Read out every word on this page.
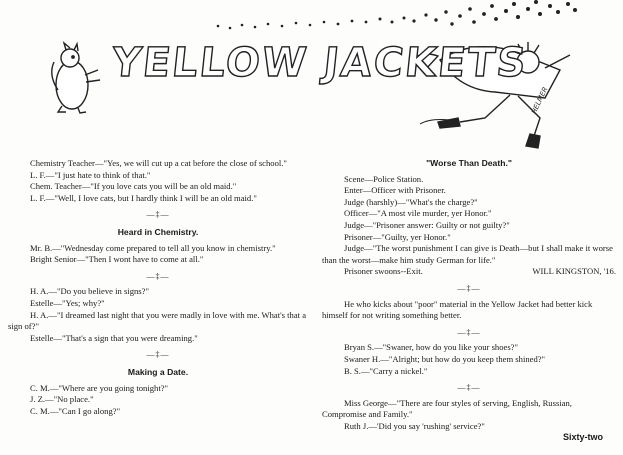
YELLOW JACKETS
HELMER

Chemistry Teacher—"Yes, we will cut up a cat before the close of school."

L. F.—"I just hate to think of that."

Chem. Teacher—"If you love cats you will be an old maid."

L. F.—"Well, I love cats, but I hardly think I will be an old maid."

—‡—
Heard in Chemistry.

Mr. B.—"Wednesday come prepared to tell all you know in chemistry."

Bright Senior—"Then I wont have to come at all."

—‡—

H. A.—"Do you believe in signs?"

Estelle—"Yes; why?"

H. A.—"I dreamed last night that you were madly in love with me. What's that a sign of?"

Estelle—"That's a sign that you were dreaming."

—‡—
Making a Date.

C. M.—"Where are you going tonight?"

J. Z.—"No place."

C. M.—"Can I go along?"

"Worse Than Death."

Scene—Police Station.

Enter—Officer with Prisoner.

Judge (harshly)—"What's the charge?"

Officer—"A most vile murder, yer Honor."

Judge—"Prisoner answer: Guilty or not guilty?"

Prisoner—"Guilty, yer Honor."

Judge—"The worst punishment I can give is Death—but I shall make it worse than the worst—make him study German for life."

Prisoner swoons--Exit.	WILL KINGSTON, '16.
—‡—

He who kicks about "poor" material in the Yellow Jacket had better kick himself for not writing something better.

—‡—

Bryan S.—"Swaner, how do you like your shoes?"

Swaner H.—"Alright; but how do you keep them shined?"

B. S.—"Carry a nickel."

—‡—

Miss George—"There are four styles of serving, English, Russian, Compromise and Family."

Ruth J.—'Did you say 'rushing' service?"

Sixty-two
